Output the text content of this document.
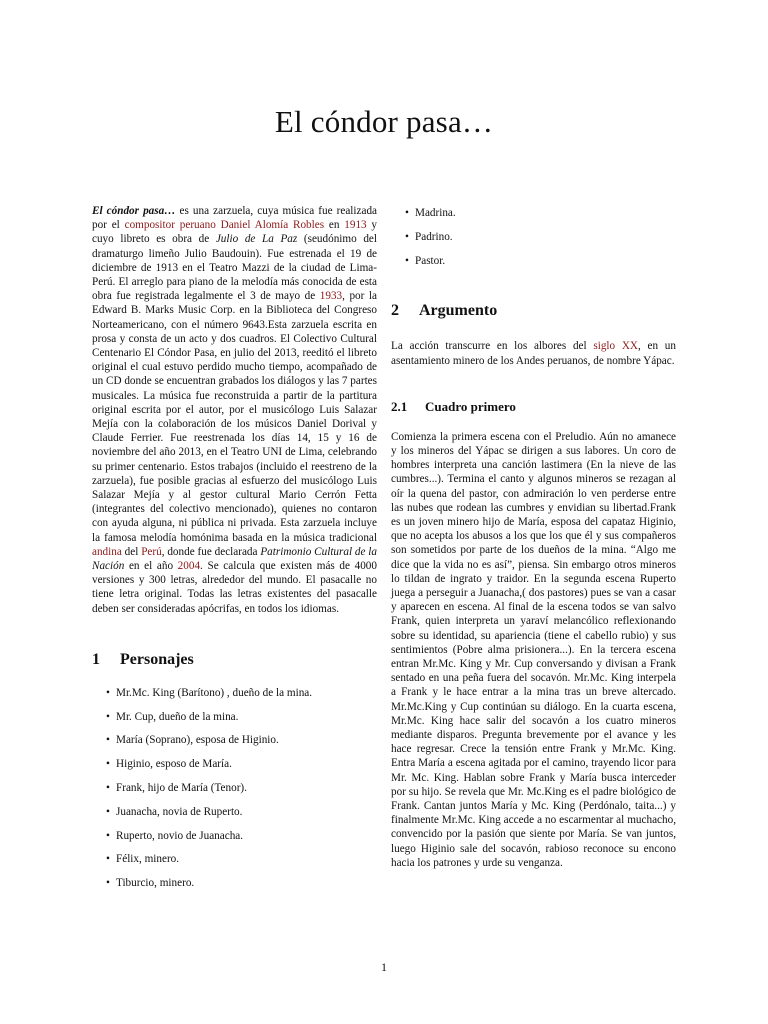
El cóndor pasa…

El cóndor pasa… es una zarzuela, cuya música fue realizada por el compositor peruano Daniel Alomía Robles en 1913 y cuyo libreto es obra de Julio de La Paz (seudónimo del dramaturgo limeño Julio Baudouin). Fue estrenada el 19 de diciembre de 1913 en el Teatro Mazzi de la ciudad de Lima-Perú. El arreglo para piano de la melodía más conocida de esta obra fue registrada legalmente el 3 de mayo de 1933, por la Edward B. Marks Music Corp. en la Biblioteca del Congreso Norteamericano, con el número 9643.Esta zarzuela escrita en prosa y consta de un acto y dos cuadros. El Colectivo Cultural Centenario El Cóndor Pasa, en julio del 2013, reeditó el libreto original el cual estuvo perdido mucho tiempo, acompañado de un CD donde se encuentran grabados los diálogos y las 7 partes musicales. La música fue reconstruida a partir de la partitura original escrita por el autor, por el musicólogo Luis Salazar Mejía con la colaboración de los músicos Daniel Dorival y Claude Ferrier. Fue reestrenada los días 14, 15 y 16 de noviembre del año 2013, en el Teatro UNI de Lima, celebrando su primer centenario. Estos trabajos (incluido el reestreno de la zarzuela), fue posible gracias al esfuerzo del musicólogo Luis Salazar Mejía y al gestor cultural Mario Cerrón Fetta (integrantes del colectivo mencionado), quienes no contaron con ayuda alguna, ni pública ni privada. Esta zarzuela incluye la famosa melodía homónima basada en la música tradicional andina del Perú, donde fue declarada Patrimonio Cultural de la Nación en el año 2004. Se calcula que existen más de 4000 versiones y 300 letras, alrededor del mundo. El pasacalle no tiene letra original. Todas las letras existentes del pasacalle deben ser consideradas apócrifas, en todos los idiomas.

1 Personajes
• Mr.Mc. King (Barítono) , dueño de la mina.
• Mr. Cup, dueño de la mina.
• María (Soprano), esposa de Higinio.
• Higinio, esposo de María.
• Frank, hijo de María (Tenor).
• Juanacha, novia de Ruperto.
• Ruperto, novio de Juanacha.
• Félix, minero.
• Tiburcio, minero.
• Madrina.
• Padrino.
• Pastor.
2 Argumento

La acción transcurre en los albores del siglo XX, en un asentamiento minero de los Andes peruanos, de nombre Yápac.

2.1 Cuadro primero

Comienza la primera escena con el Preludio. Aún no amanece y los mineros del Yápac se dirigen a sus labores. Un coro de hombres interpreta una canción lastimera (En la nieve de las cumbres...). Termina el canto y algunos mineros se rezagan al oír la quena del pastor, con admiración lo ven perderse entre las nubes que rodean las cumbres y envidian su libertad.Frank es un joven minero hijo de María, esposa del capataz Higinio, que no acepta los abusos a los que los que él y sus compañeros son sometidos por parte de los dueños de la mina. “Algo me dice que la vida no es así”, piensa. Sin embargo otros mineros lo tildan de ingrato y traidor. En la segunda escena Ruperto juega a perseguir a Juanacha,( dos pastores) pues se van a casar y aparecen en escena. Al final de la escena todos se van salvo Frank, quien interpreta un yaraví melancólico reflexionando sobre su identidad, su apariencia (tiene el cabello rubio) y sus sentimientos (Pobre alma prisionera...). En la tercera escena entran Mr.Mc. King y Mr. Cup conversando y divisan a Frank sentado en una peña fuera del socavón. Mr.Mc. King interpela a Frank y le hace entrar a la mina tras un breve altercado. Mr.Mc.King y Cup continúan su diálogo. En la cuarta escena, Mr.Mc. King hace salir del socavón a los cuatro mineros mediante disparos. Pregunta brevemente por el avance y les hace regresar. Crece la tensión entre Frank y Mr.Mc. King. Entra María a escena agitada por el camino, trayendo licor para Mr. Mc. King. Hablan sobre Frank y María busca interceder por su hijo. Se revela que Mr. Mc.King es el padre biológico de Frank. Cantan juntos María y Mc. King (Perdónalo, taita...) y finalmente Mr.Mc. King accede a no escarmentar al muchacho, convencido por la pasión que siente por María. Se van juntos, luego Higinio sale del socavón, rabioso reconoce su encono hacia los patrones y urde su venganza.

1
